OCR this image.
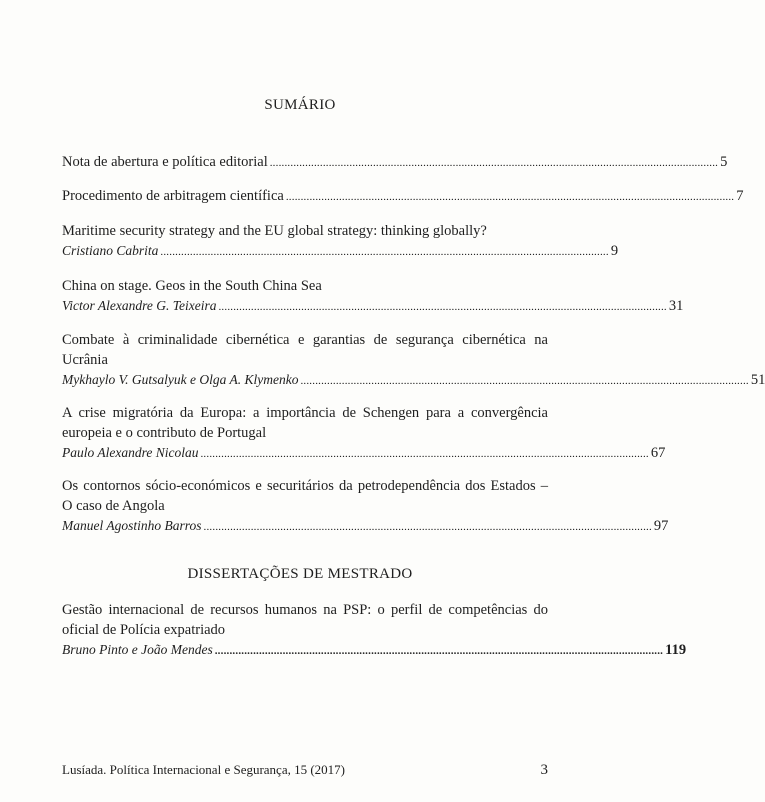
SUMÁRIO
Nota de abertura e política editorial ........................................................................................................................................................ 5
Procedimento de arbitragem científica ........................................................................................................................................................ 7

Maritime security strategy and the EU global strategy: thinking globally?

Cristiano Cabrita ........................................................................................................................................................ 9

China on stage. Geos in the South China Sea

Victor Alexandre G. Teixeira ........................................................................................................................................................ 31

Combate à criminalidade cibernética e garantias de segurança cibernética na Ucrânia

Mykhaylo V. Gutsalyuk e Olga A. Klymenko ........................................................................................................................................................ 51

A crise migratória da Europa: a importância de Schengen para a convergência europeia e o contributo de Portugal

Paulo Alexandre Nicolau ........................................................................................................................................................ 67

Os contornos sócio-económicos e securitários da petrodependência dos Estados – O caso de Angola

Manuel Agostinho Barros ........................................................................................................................................................ 97
DISSERTAÇÕES DE MESTRADO

Gestão internacional de recursos humanos na PSP: o perfil de competências do oficial de Polícia expatriado

Bruno Pinto e João Mendes ........................................................................................................................................................ 119
Lusíada. Política Internacional e Segurança, 15 (2017)	3
